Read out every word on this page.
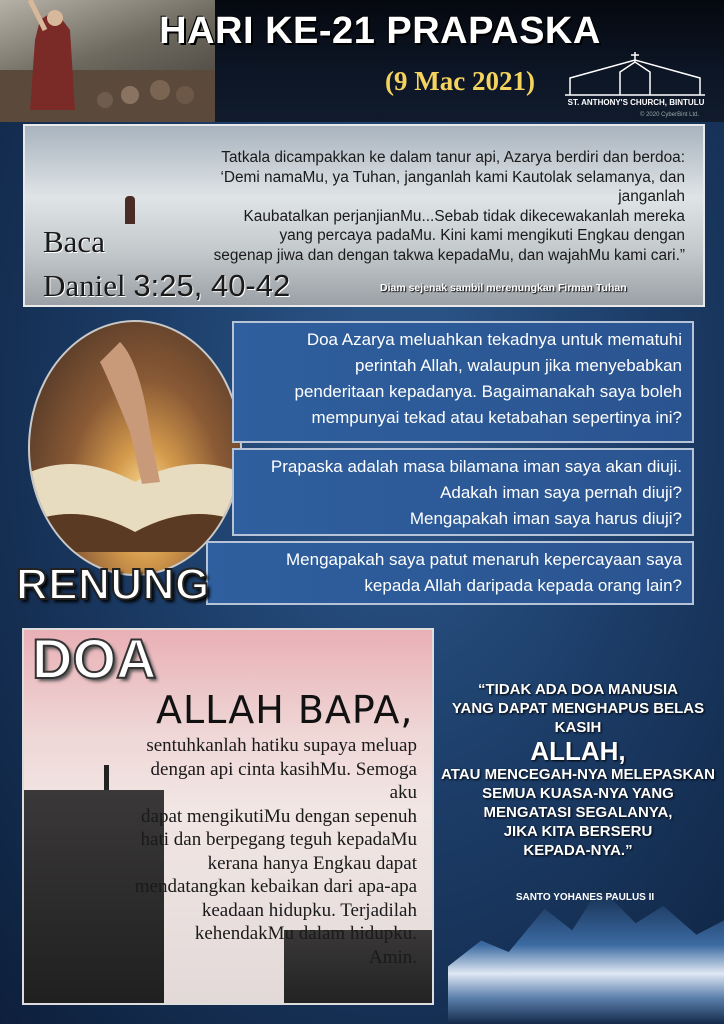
HARI KE-21 PRAPASKA
(9 Mac 2021)
ST. ANTHONY'S CHURCH, BINTULU
© 2020 CyberBint Ltd.
Tatkala dicampakkan ke dalam tanur api, Azarya berdiri dan berdoa:
‘Demi namaMu, ya Tuhan, janganlah kami Kautolak selamanya, dan janganlah
Kaubatalkan perjanjianMu...Sebab tidak dikecewakanlah mereka
yang percaya padaMu. Kini kami mengikuti Engkau dengan
segenap jiwa dan dengan takwa kepadaMu, dan wajahMu kami cari.”
Baca
Daniel 3:25, 40-42	Diam sejenak sambil merenungkan Firman Tuhan
Doa Azarya meluahkan tekadnya untuk mematuhi
perintah Allah, walaupun jika menyebabkan
penderitaan kepadanya. Bagaimanakah saya boleh
mempunyai tekad atau ketabahan sepertinya ini?
Prapaska adalah masa bilamana iman saya akan diuji.
Adakah iman saya pernah diuji?
Mengapakah iman saya harus diuji?
Mengapakah saya patut menaruh kepercayaan saya
kepada Allah daripada kepada orang lain?
RENUNG
DOA
ALLAH BAPA,
sentuhkanlah hatiku supaya meluap
dengan api cinta kasihMu. Semoga aku
dapat mengikutiMu dengan sepenuh
hati dan berpegang teguh kepadaMu
kerana hanya Engkau dapat
mendatangkan kebaikan dari apa-apa
keadaan hidupku. Terjadilah
kehendakMu dalam hidupku.
Amin.
“TIDAK ADA DOA MANUSIA
YANG DAPAT MENGHAPUS BELAS KASIH
ALLAH,
ATAU MENCEGAH-NYA MELEPASKAN
SEMUA KUASA-NYA YANG
MENGATASI SEGALANYA,
JIKA KITA BERSERU
KEPADA-NYA.”
SANTO YOHANES PAULUS II
